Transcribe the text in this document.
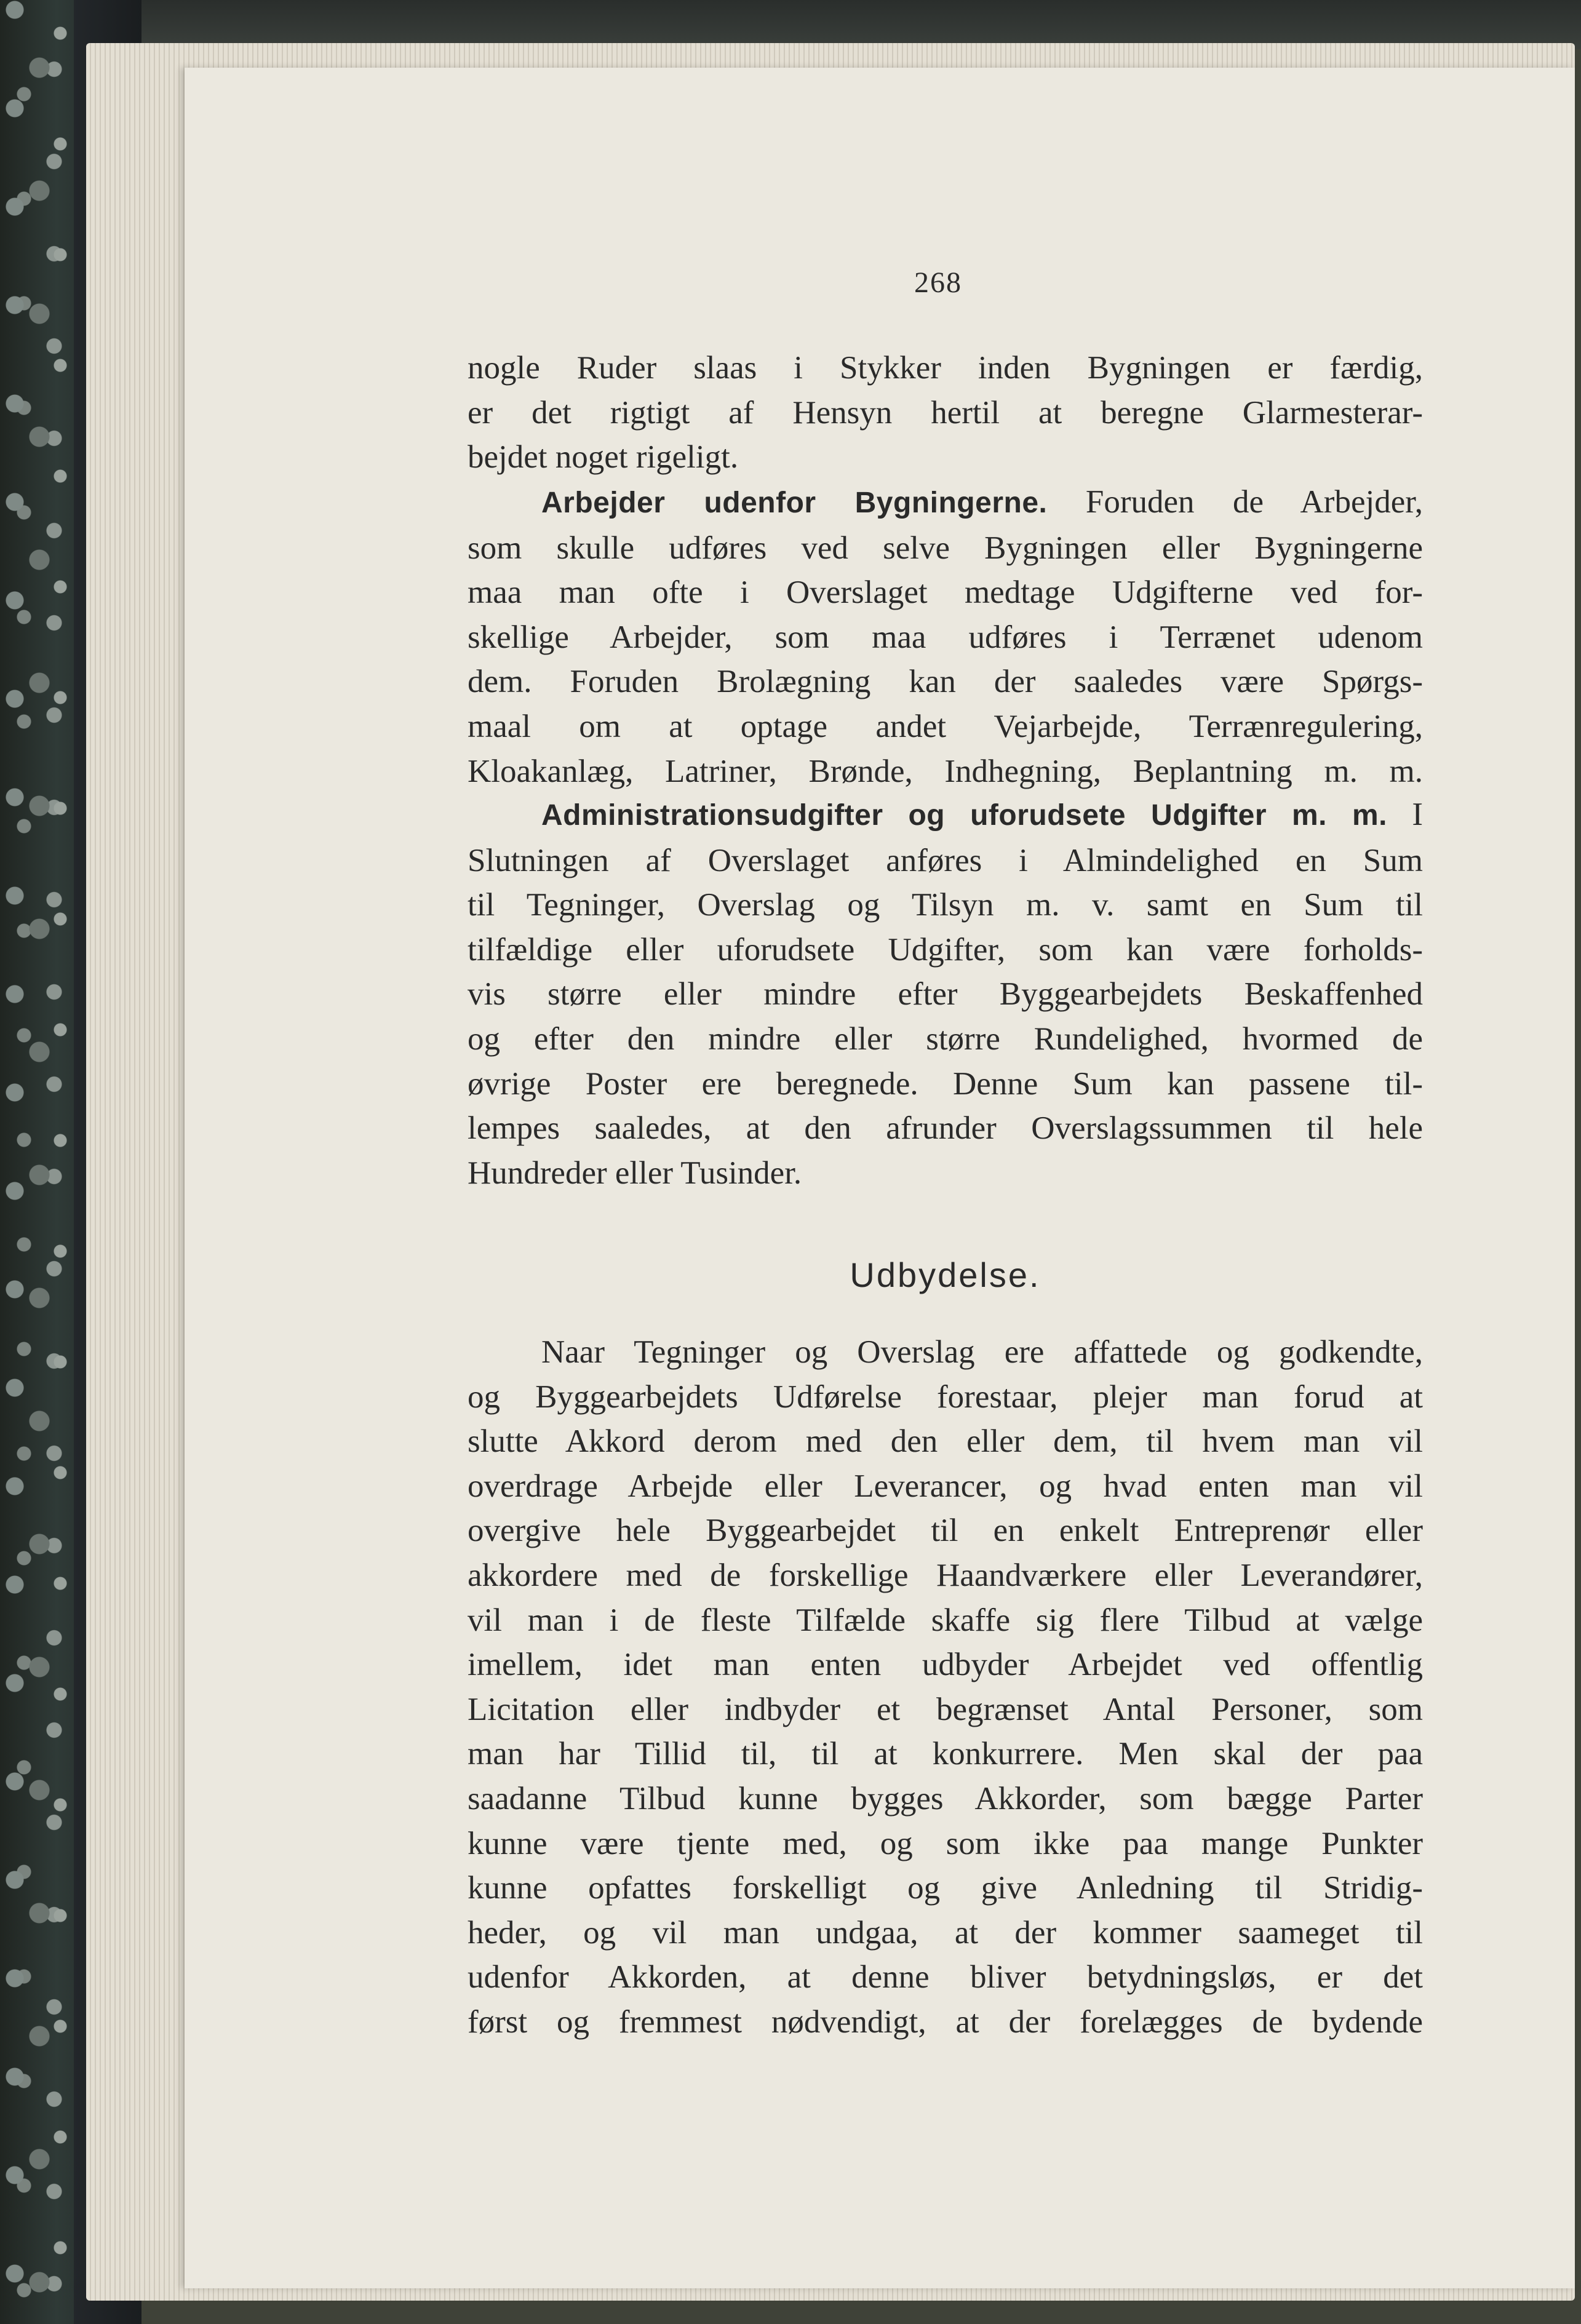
268
nogle Ruder slaas i Stykker inden Bygningen er færdig,
er det rigtigt af Hensyn hertil at beregne Glarmesterar-
bejdet noget rigeligt.
Arbejder udenfor Bygningerne. Foruden de Arbejder,
som skulle udføres ved selve Bygningen eller Bygningerne
maa man ofte i Overslaget medtage Udgifterne ved for-
skellige Arbejder, som maa udføres i Terrænet udenom
dem. Foruden Brolægning kan der saaledes være Spørgs-
maal om at optage andet Vejarbejde, Terrænregulering,
Kloakanlæg, Latriner, Brønde, Indhegning, Beplantning m. m.
Administrationsudgifter og uforudsete Udgifter m. m. I
Slutningen af Overslaget anføres i Almindelighed en Sum
til Tegninger, Overslag og Tilsyn m. v. samt en Sum til
tilfældige eller uforudsete Udgifter, som kan være forholds-
vis større eller mindre efter Byggearbejdets Beskaffenhed
og efter den mindre eller større Rundelighed, hvormed de
øvrige Poster ere beregnede. Denne Sum kan passene til-
lempes saaledes, at den afrunder Overslagssummen til hele
Hundreder eller Tusinder.
Udbydelse.
Naar Tegninger og Overslag ere affattede og godkendte,
og Byggearbejdets Udførelse forestaar, plejer man forud at
slutte Akkord derom med den eller dem, til hvem man vil
overdrage Arbejde eller Leverancer, og hvad enten man vil
overgive hele Byggearbejdet til en enkelt Entreprenør eller
akkordere med de forskellige Haandværkere eller Leverandører,
vil man i de fleste Tilfælde skaffe sig flere Tilbud at vælge
imellem, idet man enten udbyder Arbejdet ved offentlig
Licitation eller indbyder et begrænset Antal Personer, som
man har Tillid til, til at konkurrere. Men skal der paa
saadanne Tilbud kunne bygges Akkorder, som bægge Parter
kunne være tjente med, og som ikke paa mange Punkter
kunne opfattes forskelligt og give Anledning til Stridig-
heder, og vil man undgaa, at der kommer saameget til
udenfor Akkorden, at denne bliver betydningsløs, er det
først og fremmest nødvendigt, at der forelægges de bydende
